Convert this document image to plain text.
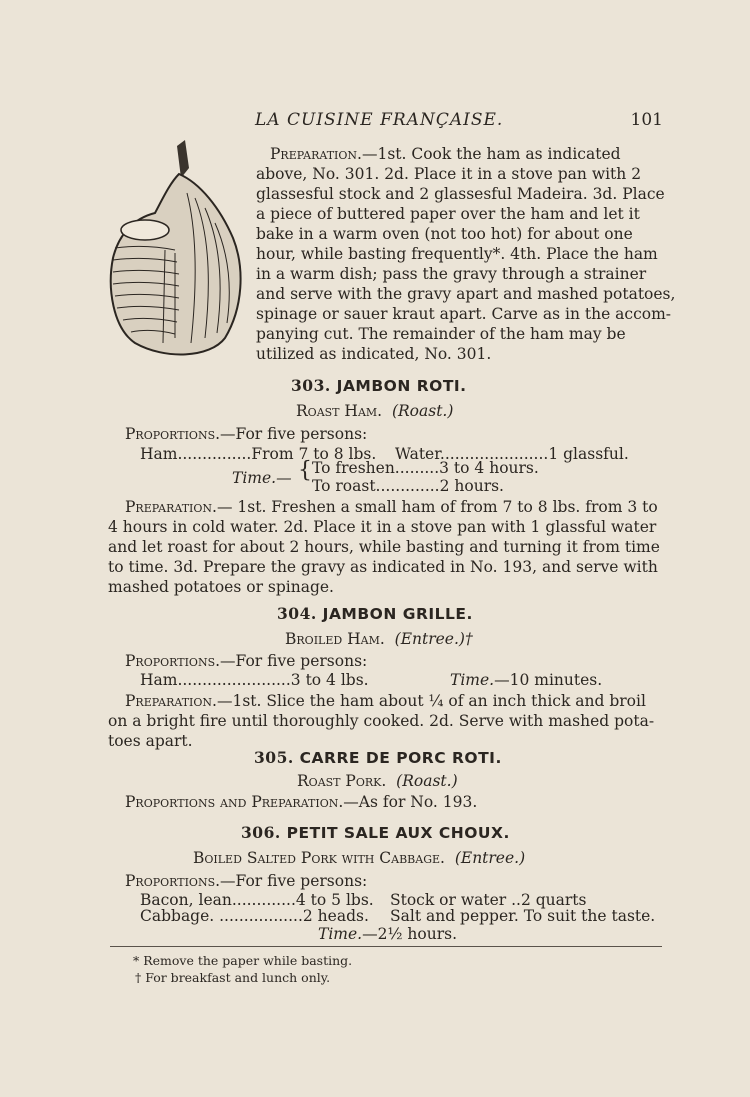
LA CUISINE FRANÇAISE.	101
Preparation.—1st. Cook the ham as indicated
above, No. 301. 2d. Place it in a stove pan with 2
glassesful stock and 2 glassesful Madeira. 3d. Place
a piece of buttered paper over the ham and let it
bake in a warm oven (not too hot) for about one
hour, while basting frequently*. 4th. Place the ham
in a warm dish; pass the gravy through a strainer
and serve with the gravy apart and mashed potatoes,
spinage or sauer kraut apart. Carve as in the accom-
panying cut. The remainder of the ham may be
utilized as indicated, No. 301.
303. JAMBON ROTI.
Roast Ham. (Roast.)
Proportions.—For five persons:
Ham...............From 7 to 8 lbs. Water......................1 glassful.
Time.— { To freshen.........3 to 4 hours.
To roast.............2 hours.
Preparation.— 1st. Freshen a small ham of from 7 to 8 lbs. from 3 to
4 hours in cold water. 2d. Place it in a stove pan with 1 glassful water
and let roast for about 2 hours, while basting and turning it from time
to time. 3d. Prepare the gravy as indicated in No. 193, and serve with
mashed potatoes or spinage.
304. JAMBON GRILLE.
Broiled Ham. (Entree.)†
Proportions.—For five persons:
Ham.......................3 to 4 lbs.	Time.—10 minutes.
Preparation.—1st. Slice the ham about ¼ of an inch thick and broil
on a bright fire until thoroughly cooked. 2d. Serve with mashed pota-
toes apart.
305. CARRE DE PORC ROTI.
Roast Pork. (Roast.)
Proportions and Preparation.—As for No. 193.
306. PETIT SALE AUX CHOUX.
Boiled Salted Pork with Cabbage. (Entree.)
Proportions.—For five persons:
Bacon, lean.............4 to 5 lbs. Stock or water ..2 quarts
Cabbage. .................2 heads. Salt and pepper. To suit the taste.
Time.—2½ hours.
* Remove the paper while basting.
† For breakfast and lunch only.
